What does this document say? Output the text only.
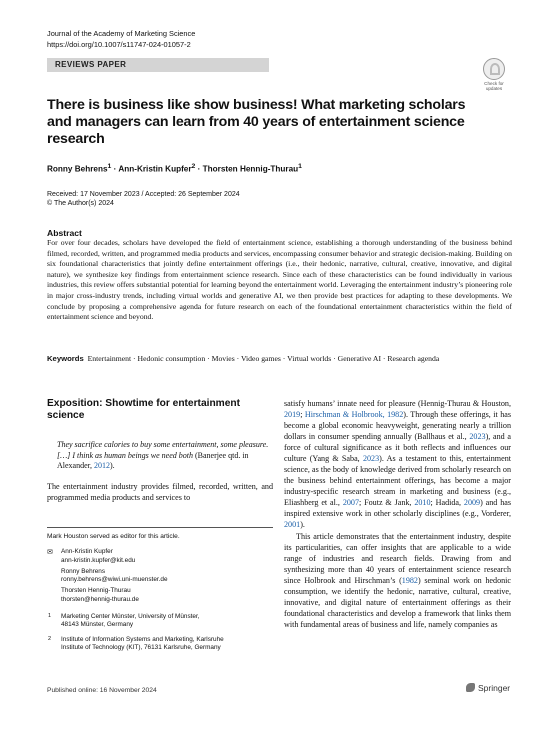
Journal of the Academy of Marketing Science
https://doi.org/10.1007/s11747-024-01057-2
REVIEWS PAPER
Check for updates
There is business like show business! What marketing scholars and managers can learn from 40 years of entertainment science research
Ronny Behrens$^1$ · Ann-Kristin Kupfer$^2$ · Thorsten Hennig-Thurau$^1$
Received: 17 November 2023 / Accepted: 26 September 2024
© The Author(s) 2024
Abstract
For over four decades, scholars have developed the field of entertainment science, establishing a thorough understanding of the business behind filmed, recorded, written, and programmed media products and services, encompassing consumer behavior and strategic decision-making. Building on six foundational characteristics that jointly define entertainment offerings (i.e., their hedonic, narrative, cultural, creative, innovative, and digital nature), we synthesize key findings from entertainment science research. Since each of these characteristics can be found individually in various industries, this review offers substantial potential for learning beyond the entertainment world. Leveraging the entertainment industry’s pioneering role in major cross-industry trends, including virtual worlds and generative AI, we then provide best practices for adapting to these developments. We conclude by proposing a comprehensive agenda for future research on each of the foundational entertainment characteristics within the field of entertainment science and beyond.
Keywords Entertainment · Hedonic consumption · Movies · Video games · Virtual worlds · Generative AI · Research agenda
Exposition: Showtime for entertainment science
They sacrifice calories to buy some entertainment, some pleasure. […] I think as human beings we need both (Banerjee qtd. in Alexander, 2012).
The entertainment industry provides filmed, recorded, written, and programmed media products and services to
Mark Houston served as editor for this article.
✉ Ann-Kristin Kupfer
ann-kristin.kupfer@kit.edu
Ronny Behrens
ronny.behrens@wiwi.uni-muenster.de
Thorsten Hennig-Thurau
thorsten@hennig-thurau.de
1 Marketing Center Münster, University of Münster,
48143 Münster, Germany
2 Institute of Information Systems and Marketing, Karlsruhe
Institute of Technology (KIT), 76131 Karlsruhe, Germany

satisfy humans’ innate need for pleasure (Hennig-Thurau & Houston, 2019; Hirschman & Holbrook, 1982). Through these offerings, it has become a global economic heavyweight, generating nearly a trillion dollars in consumer spending annually (Ballhaus et al., 2023), and a force of cultural significance as it both reflects and influences our culture (Yang & Saba, 2023). As a testament to this, entertainment science, as the body of knowledge derived from scholarly research on the business behind entertainment offerings, has become a major industry-specific research stream in marketing and business (e.g., Eliashberg et al., 2007; Foutz & Jank, 2010; Hadida, 2009) and has inspired extensive work in other scholarly disciplines (e.g., Vorderer, 2001).

This article demonstrates that the entertainment industry, despite its particularities, can offer insights that are applicable to a wide range of industries and research fields. Drawing from and synthesizing more than 40 years of entertainment science research since Holbrook and Hirschman’s (1982) seminal work on hedonic consumption, we identify the hedonic, narrative, cultural, creative, innovative, and digital nature of entertainment offerings as their foundational characteristics and develop a framework that links them with fundamental areas of business and life, namely companies as

Published online: 16 November 2024	Springer
